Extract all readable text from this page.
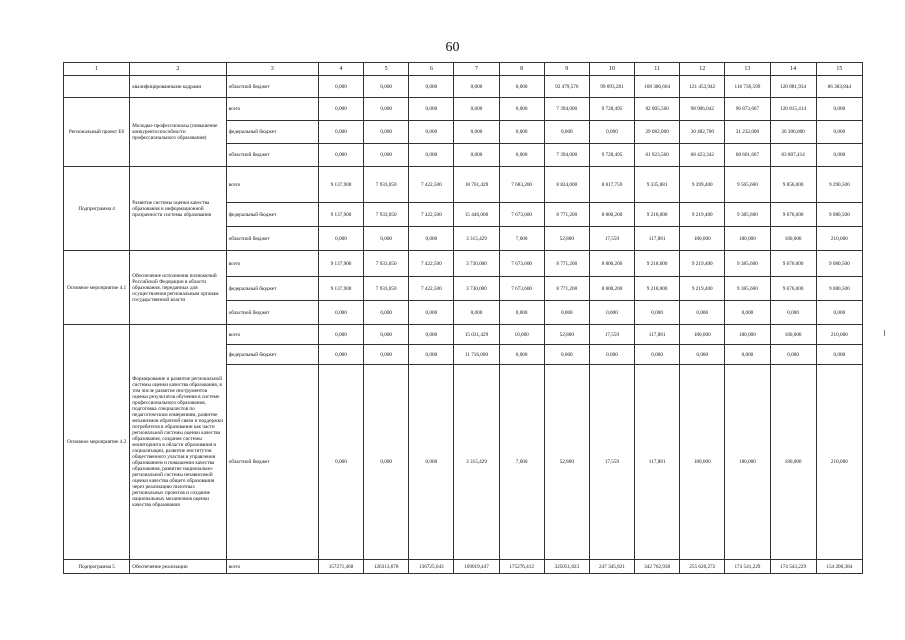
60
1	2	3	4	5	6	7	8	9	10	11	12	13	14	15
	квалифицированными кадрами	областной бюджет	0,000	0,000	0,000	0,000	0,000	92 479,576	99 093,281	168 386,604	121 453,942	116 736,599	120 881,934	86 383,844
Региональный проект Е6	Молодые профессионалы (повышение конкурентоспособности профессионального образования)	всего	0,000	0,000	0,000	0,000	0,000	7 394,000	9 728,495	82 005,560	98 906,042	96 873,667	120 815,414	0,000
		федеральный бюджет	0,000	0,000	0,000	0,000	0,000	0,000	0,000	29 082,000	30 482,700	31 232,000	36 306,000	0,000
		областной бюджет	0,000	0,000	0,000	0,000	0,000	7 394,000	9 728,495	61 923,560	68 423,342	68 601,667	83 807,414	0,000
Подпрограмма 4	Развитие системы оценки качества образования и информационной прозрачности системы образования	всего	9 137,900	7 933,050	7 422,500	18 761,429	7 683,200	8 824,000	8 817,759	9 335,881	9 399,400	9 565,600	9 856,000	9 290,500
		федеральный бюджет	9 137,900	7 933,050	7 422,500	15 446,000	7 673,600	8 771,200	8 800,200	9 218,000	9 219,400	9 385,600	9 676,600	9 080,500
		областной бюджет	0,000	0,000	0,000	3 315,429	7,600	52,800	17,559	117,881	180,000	180,000	180,000	210,000
Основное мероприятие 4.1	Обеспечение исполнения полномочий Российской Федерации в области образования, переданных для осуществления региональным органам государственной власти	всего	9 137,900	7 933,050	7 422,500	3 730,000	7 673,600	8 771,200	8 800,200	9 218,000	9 219,400	9 385,600	9 676,000	9 080,500
		федеральный бюджет	9 137,900	7 933,050	7 422,500	3 730,000	7 673,600	8 771,200	8 800,200	9 218,000	9 219,400	9 385,600	9 676,000	9 080,500
		областной бюджет	0,000	0,000	0,000	0,000	0,000	0,000	0,000	0,000	0,000	0,000	0,000	0,000
Основное мероприятие 4.2	Формирование и развитие региональной системы оценки качества образования, в том числе развитие инструментов оценки результатов обучения в системе профессионального образования, подготовка специалистов по педагогическим измерениям, развитие механизмов обратной связи и поддержки потребителя в образовании как части региональной системы оценки качества образования, создание системы мониторинга в области образования и социализации, развитие институтов общественного участия в управлении образованием и повышении качества образования, развитие национально-региональной системы независимой оценки качества общего образования через реализацию пилотных региональных проектов и создание национальных механизмов оценки качества образования	всего	0,000	0,000	0,000	15 031,429	10,000	52,800	17,559	117,881	180,000	180,000	180,000	210,000
		федеральный бюджет	0,000	0,000	0,000	11 716,000	0,000	0,000	0,000	0,000	0,000	0,000	0,000	0,000
		областной бюджет	0,000	0,000	0,000	3 315,429	7,600	52,800	17,559	117,881	180,000	180,000	180,000	210,000
Подпрограмма 5	Обеспечение реализации	всего	157271,468	126313,678	136725,643	169019,447	175276,412	325051,823	247 345,821	342 762,938	255 620,272	174 541,229	174 543,229	154 200,384
